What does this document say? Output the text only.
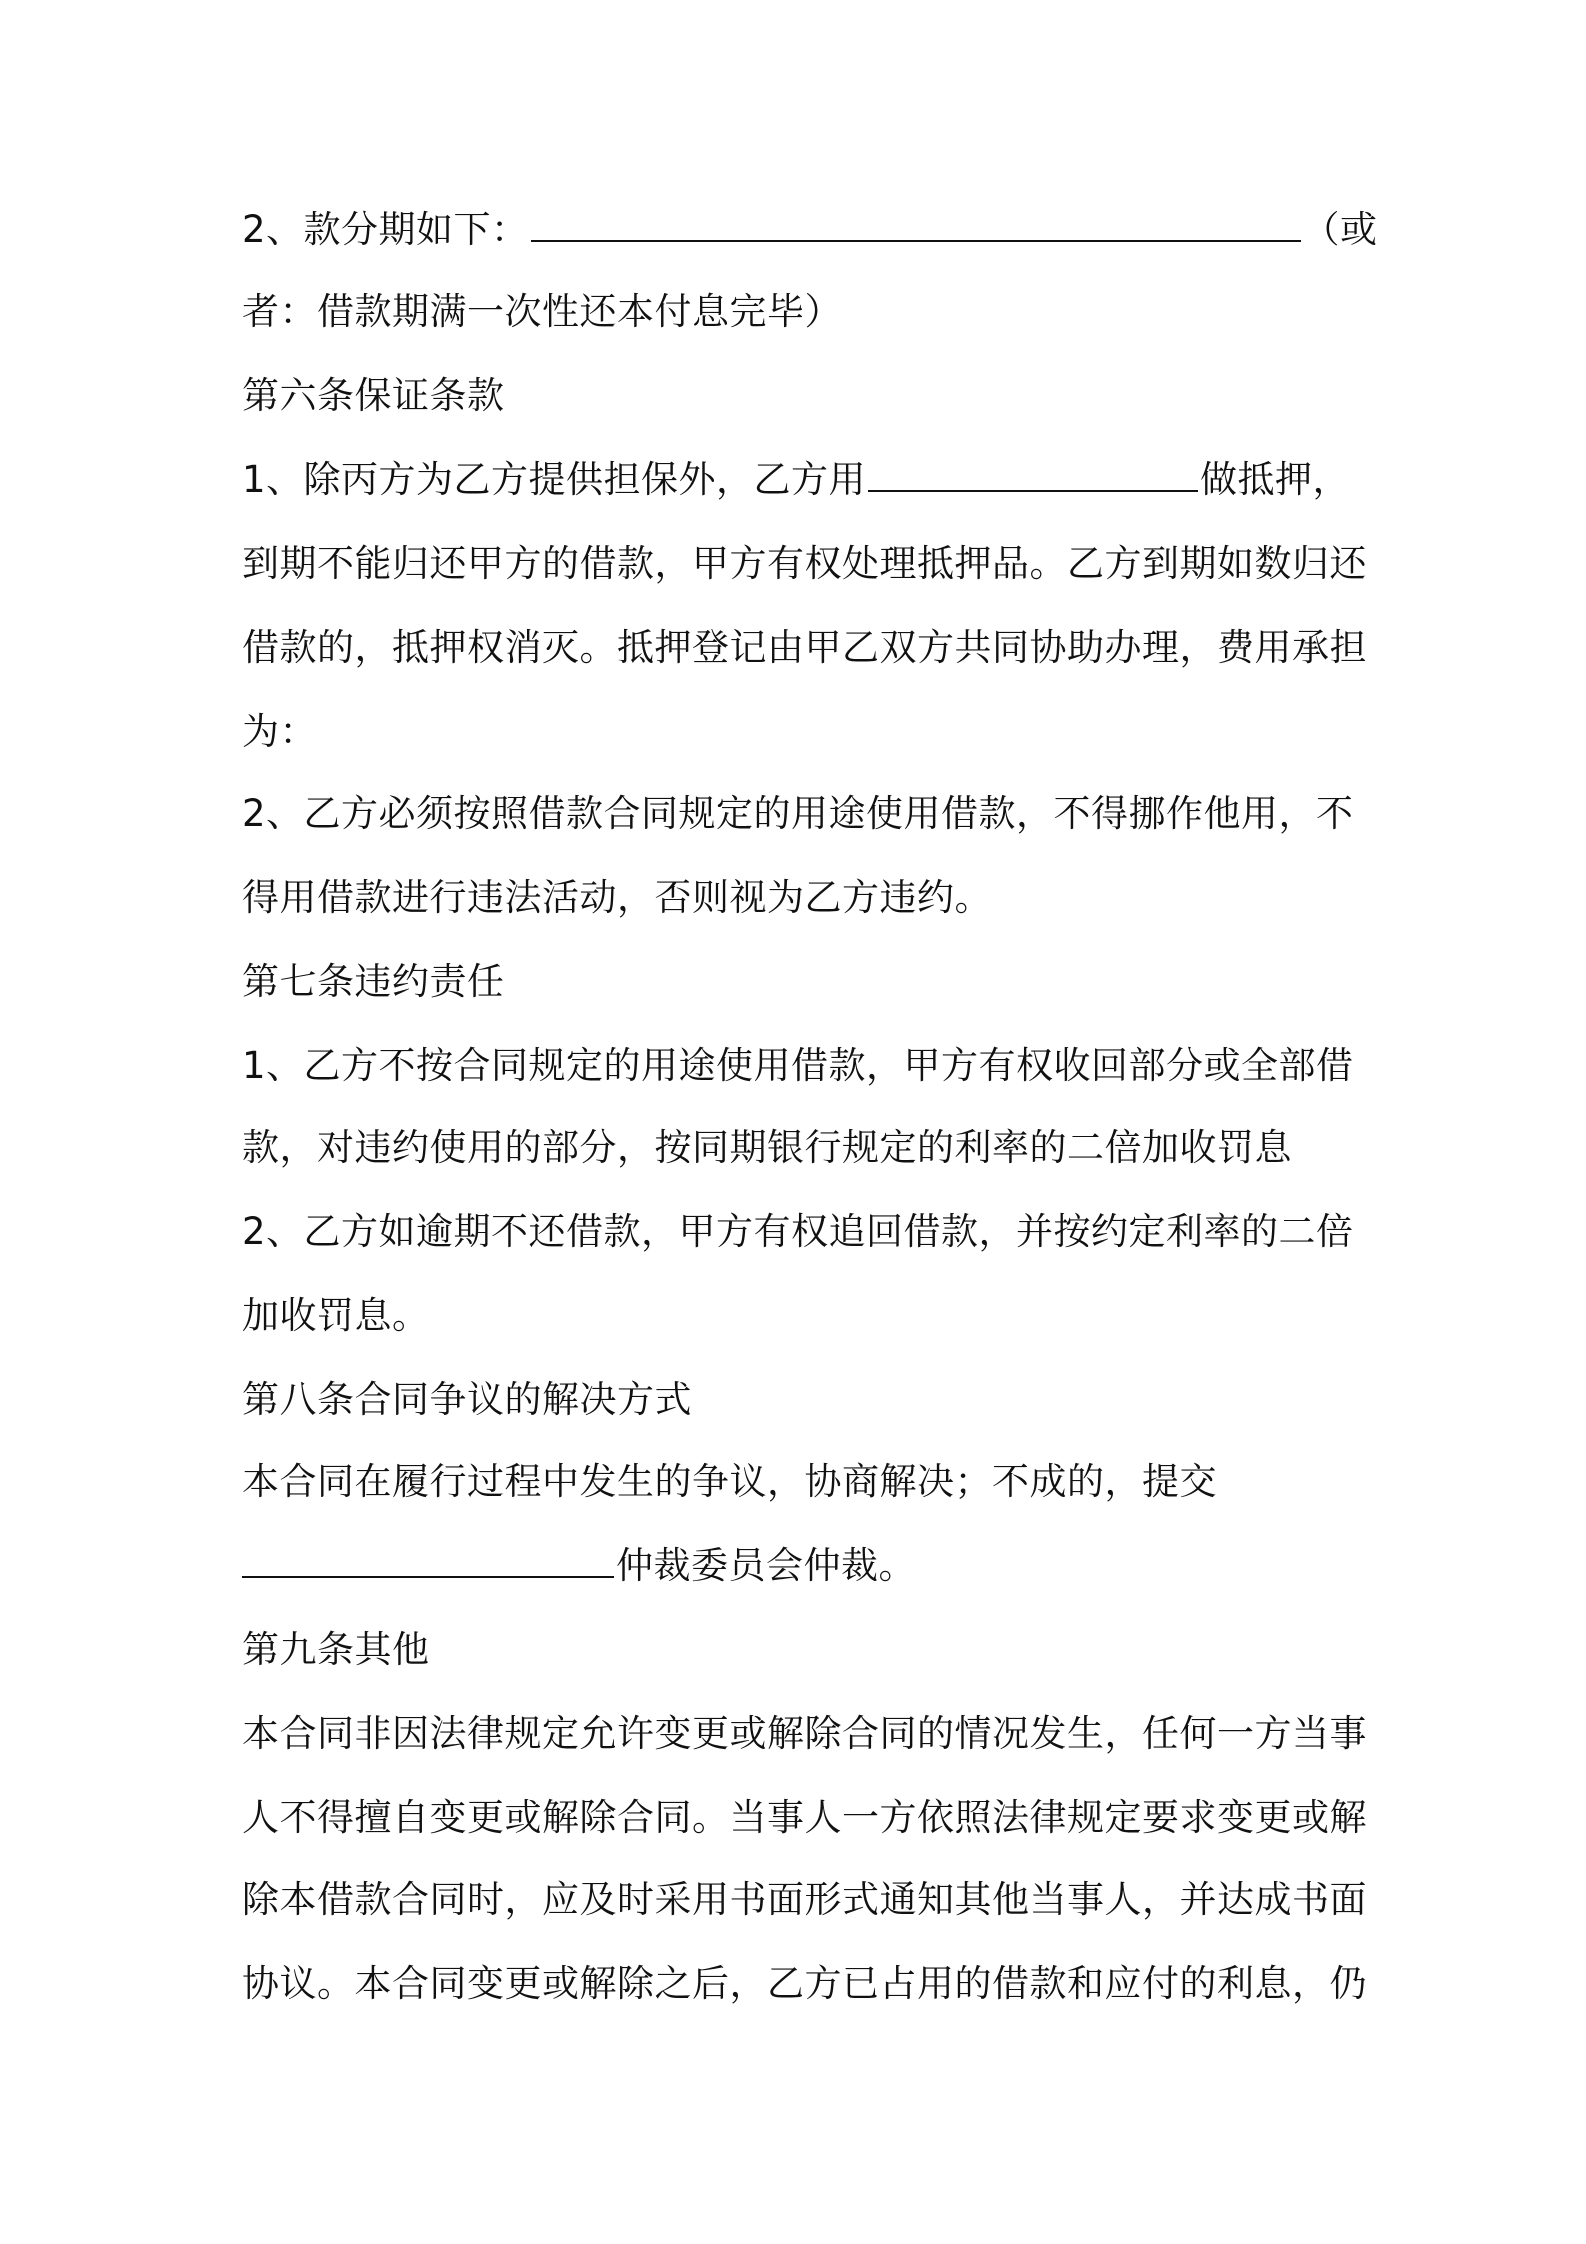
2、款分期如下：	（或
者：借款期满一次性还本付息完毕）
第六条保证条款
1、除丙方为乙方提供担保外，乙方用	做抵押，
到期不能归还甲方的借款，甲方有权处理抵押品。乙方到期如数归还
借款的，抵押权消灭。抵押登记由甲乙双方共同协助办理，费用承担
为：
2、乙方必须按照借款合同规定的用途使用借款，不得挪作他用，不
得用借款进行违法活动，否则视为乙方违约。
第七条违约责任
1、乙方不按合同规定的用途使用借款，甲方有权收回部分或全部借
款，对违约使用的部分，按同期银行规定的利率的二倍加收罚息
2、乙方如逾期不还借款，甲方有权追回借款，并按约定利率的二倍
加收罚息。
第八条合同争议的解决方式
本合同在履行过程中发生的争议，协商解决；不成的，提交
仲裁委员会仲裁。
第九条其他
本合同非因法律规定允许变更或解除合同的情况发生，任何一方当事
人不得擅自变更或解除合同。当事人一方依照法律规定要求变更或解
除本借款合同时，应及时采用书面形式通知其他当事人，并达成书面
协议。本合同变更或解除之后，乙方已占用的借款和应付的利息，仍
